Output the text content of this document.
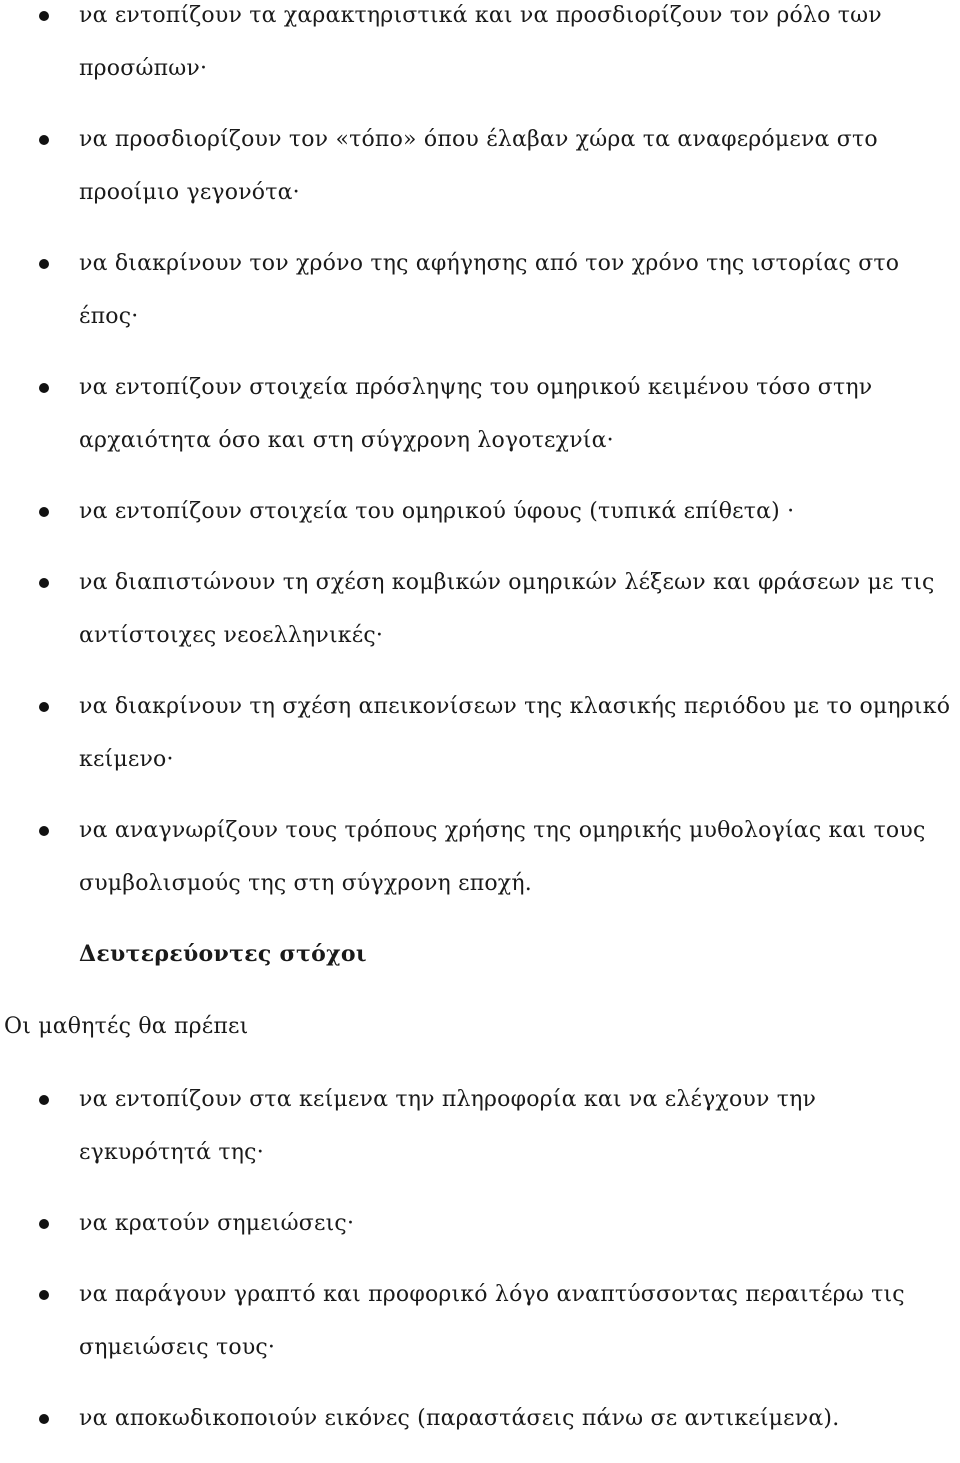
να εντοπίζουν τα χαρακτηριστικά και να προσδιορίζουν τον ρόλο των προσώπων·
να προσδιορίζουν τον «τόπο» όπου έλαβαν χώρα τα αναφερόμενα στο προοίμιο γεγονότα·
να διακρίνουν τον χρόνο της αφήγησης από τον χρόνο της ιστορίας στο έπος·
να εντοπίζουν στοιχεία πρόσληψης του ομηρικού κειμένου τόσο στην αρχαιότητα όσο και στη σύγχρονη λογοτεχνία·
να εντοπίζουν στοιχεία του ομηρικού ύφους (τυπικά επίθετα) ·
να διαπιστώνουν τη σχέση κομβικών ομηρικών λέξεων και φράσεων με τις αντίστοιχες νεοελληνικές·
να διακρίνουν τη σχέση απεικονίσεων της κλασικής περιόδου με το ομηρικό κείμενο·
να αναγνωρίζουν τους τρόπους χρήσης της ομηρικής μυθολογίας και τους συμβολισμούς της στη σύγχρονη εποχή.
Δευτερεύοντες στόχοι
Οι μαθητές θα πρέπει
να εντοπίζουν στα κείμενα την πληροφορία και να ελέγχουν την εγκυρότητά της·
να κρατούν σημειώσεις·
να παράγουν γραπτό και προφορικό λόγο αναπτύσσοντας περαιτέρω τις σημειώσεις τους·
να αποκωδικοποιούν εικόνες (παραστάσεις πάνω σε αντικείμενα).
